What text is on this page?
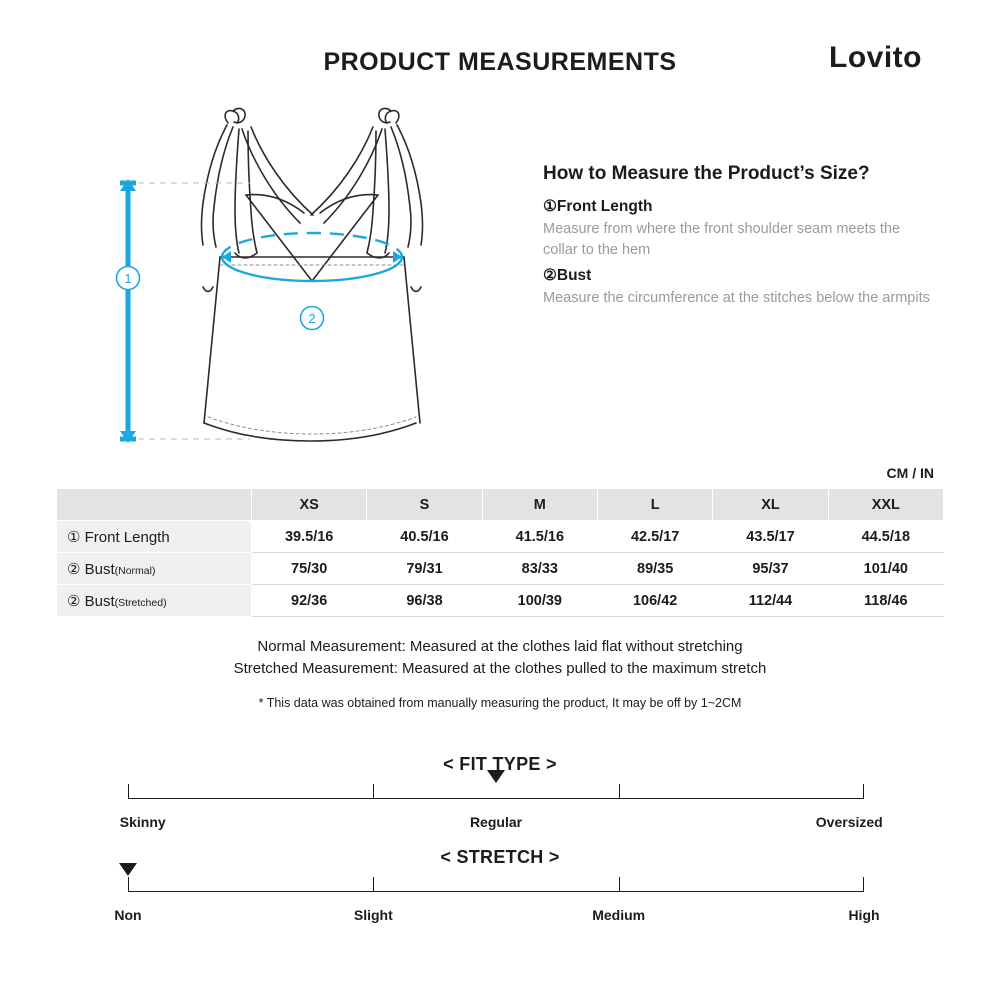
PRODUCT MEASUREMENTS	Lovito
1
2
How to Measure the Product’s Size?
①Front Length
Measure from where the front shoulder seam meets the collar to the hem
②Bust
Measure the circumference at the stitches below the armpits
CM / IN
	XS	S	M	L	XL	XXL
① Front Length	39.5/16	40.5/16	41.5/16	42.5/17	43.5/17	44.5/18
② Bust(Normal)	75/30	79/31	83/33	89/35	95/37	101/40
② Bust(Stretched)	92/36	96/38	100/39	106/42	112/44	118/46
Normal Measurement: Measured at the clothes laid flat without stretching
Stretched Measurement: Measured at the clothes pulled to the maximum stretch
* This data was obtained from manually measuring the product, It may be off by 1~2CM
< FIT TYPE >
Skinny	Regular	Oversized
< STRETCH >
Non	Slight	Medium	High
